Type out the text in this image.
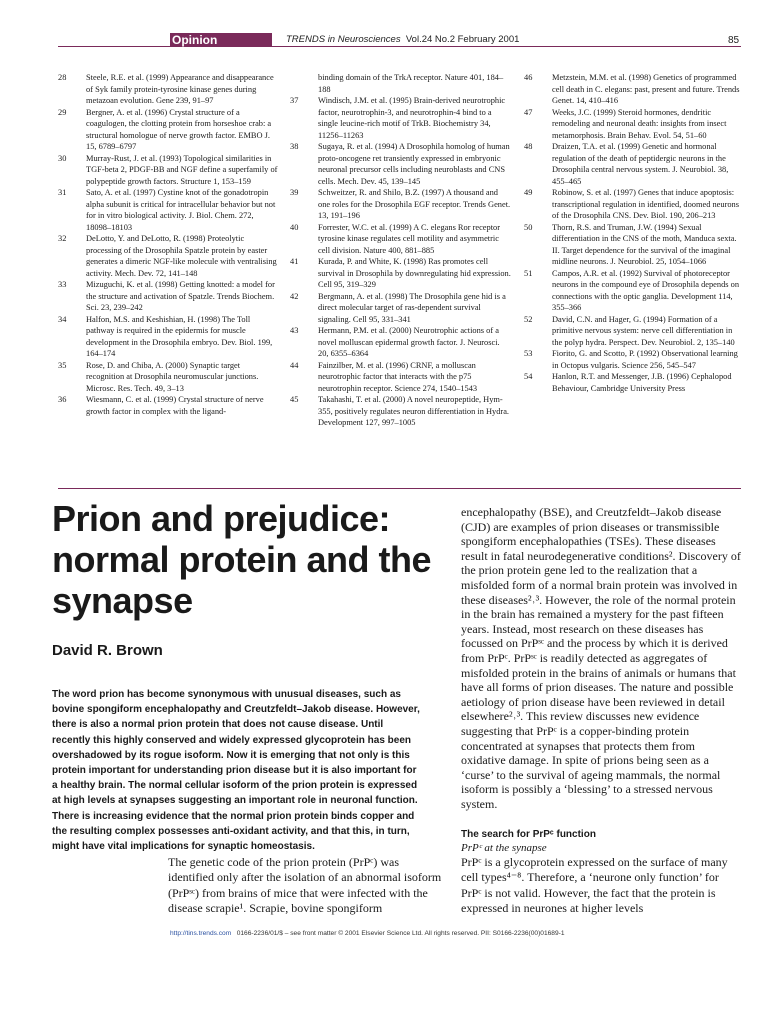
Opinion	TRENDS in Neurosciences Vol.24 No.2 February 2001	85
28	Steele, R.E. et al. (1999) Appearance and disappearance of Syk family protein-tyrosine kinase genes during metazoan evolution. Gene 239, 91–97
29	Bergner, A. et al. (1996) Crystal structure of a coagulogen, the clotting protein from horseshoe crab: a structural homologue of nerve growth factor. EMBO J. 15, 6789–6797
30	Murray-Rust, J. et al. (1993) Topological similarities in TGF-beta 2, PDGF-BB and NGF define a superfamily of polypeptide growth factors. Structure 1, 153–159
31	Sato, A. et al. (1997) Cystine knot of the gonadotropin alpha subunit is critical for intracellular behavior but not for in vitro biological activity. J. Biol. Chem. 272, 18098–18103
32	DeLotto, Y. and DeLotto, R. (1998) Proteolytic processing of the Drosophila Spatzle protein by easter generates a dimeric NGF-like molecule with ventralising activity. Mech. Dev. 72, 141–148
33	Mizuguchi, K. et al. (1998) Getting knotted: a model for the structure and activation of Spatzle. Trends Biochem. Sci. 23, 239–242
34	Halfon, M.S. and Keshishian, H. (1998) The Toll pathway is required in the epidermis for muscle development in the Drosophila embryo. Dev. Biol. 199, 164–174
35	Rose, D. and Chiba, A. (2000) Synaptic target recognition at Drosophila neuromuscular junctions. Microsc. Res. Tech. 49, 3–13
36	Wiesmann, C. et al. (1999) Crystal structure of nerve growth factor in complex with the ligand-
binding domain of the TrkA receptor. Nature 401, 184–188
37	Windisch, J.M. et al. (1995) Brain-derived neurotrophic factor, neurotrophin-3, and neurotrophin-4 bind to a single leucine-rich motif of TrkB. Biochemistry 34, 11256–11263
38	Sugaya, R. et al. (1994) A Drosophila homolog of human proto-oncogene ret transiently expressed in embryonic neuronal precursor cells including neuroblasts and CNS cells. Mech. Dev. 45, 139–145
39	Schweitzer, R. and Shilo, B.Z. (1997) A thousand and one roles for the Drosophila EGF receptor. Trends Genet. 13, 191–196
40	Forrester, W.C. et al. (1999) A C. elegans Ror receptor tyrosine kinase regulates cell motility and asymmetric cell division. Nature 400, 881–885
41	Kurada, P. and White, K. (1998) Ras promotes cell survival in Drosophila by downregulating hid expression. Cell 95, 319–329
42	Bergmann, A. et al. (1998) The Drosophila gene hid is a direct molecular target of ras-dependent survival signaling. Cell 95, 331–341
43	Hermann, P.M. et al. (2000) Neurotrophic actions of a novel molluscan epidermal growth factor. J. Neurosci. 20, 6355–6364
44	Fainzilber, M. et al. (1996) CRNF, a molluscan neurotrophic factor that interacts with the p75 neurotrophin receptor. Science 274, 1540–1543
45	Takahashi, T. et al. (2000) A novel neuropeptide, Hym-355, positively regulates neuron differentiation in Hydra. Development 127, 997–1005
46	Metzstein, M.M. et al. (1998) Genetics of programmed cell death in C. elegans: past, present and future. Trends Genet. 14, 410–416
47	Weeks, J.C. (1999) Steroid hormones, dendritic remodeling and neuronal death: insights from insect metamorphosis. Brain Behav. Evol. 54, 51–60
48	Draizen, T.A. et al. (1999) Genetic and hormonal regulation of the death of peptidergic neurons in the Drosophila central nervous system. J. Neurobiol. 38, 455–465
49	Robinow, S. et al. (1997) Genes that induce apoptosis: transcriptional regulation in identified, doomed neurons of the Drosophila CNS. Dev. Biol. 190, 206–213
50	Thorn, R.S. and Truman, J.W. (1994) Sexual differentiation in the CNS of the moth, Manduca sexta. II. Target dependence for the survival of the imaginal midline neurons. J. Neurobiol. 25, 1054–1066
51	Campos, A.R. et al. (1992) Survival of photoreceptor neurons in the compound eye of Drosophila depends on connections with the optic ganglia. Development 114, 355–366
52	David, C.N. and Hager, G. (1994) Formation of a primitive nervous system: nerve cell differentiation in the polyp hydra. Perspect. Dev. Neurobiol. 2, 135–140
53	Fiorito, G. and Scotto, P. (1992) Observational learning in Octopus vulgaris. Science 256, 545–547
54	Hanlon, R.T. and Messenger, J.B. (1996) Cephalopod Behaviour, Cambridge University Press
Prion and prejudice: normal protein and the synapse
David R. Brown
The word prion has become synonymous with unusual diseases, such as bovine spongiform encephalopathy and Creutzfeldt–Jakob disease. However, there is also a normal prion protein that does not cause disease. Until recently this highly conserved and widely expressed glycoprotein has been overshadowed by its rogue isoform. Now it is emerging that not only is this protein important for understanding prion disease but it is also important for a healthy brain. The normal cellular isoform of the prion protein is expressed at high levels at synapses suggesting an important role in neuronal function. There is increasing evidence that the normal prion protein binds copper and the resulting complex possesses anti-oxidant activity, and that this, in turn, might have vital implications for synaptic homeostasis.
The genetic code of the prion protein (PrPᶜ) was identified only after the isolation of an abnormal isoform (PrPˢᶜ) from brains of mice that were infected with the disease scrapie¹. Scrapie, bovine spongiform
encephalopathy (BSE), and Creutzfeldt–Jakob disease (CJD) are examples of prion diseases or transmissible spongiform encephalopathies (TSEs). These diseases result in fatal neurodegenerative conditions². Discovery of the prion protein gene led to the realization that a misfolded form of a normal brain protein was involved in these diseases²˒³. However, the role of the normal protein in the brain has remained a mystery for the past fifteen years. Instead, most research on these diseases has focussed on PrPˢᶜ and the process by which it is derived from PrPᶜ. PrPˢᶜ is readily detected as aggregates of misfolded protein in the brains of animals or humans that have all forms of prion diseases. The nature and possible aetiology of prion disease have been reviewed in detail elsewhere²˒³. This review discusses new evidence suggesting that PrPᶜ is a copper-binding protein concentrated at synapses that protects them from oxidative damage. In spite of prions being seen as a ‘curse’ to the survival of ageing mammals, the normal isoform is possibly a ‘blessing’ to a stressed nervous system.
The search for PrPᶜ function
PrPᶜ at the synapse
PrPᶜ is a glycoprotein expressed on the surface of many cell types⁴⁻⁸. Therefore, a ‘neurone only function’ for PrPᶜ is not valid. However, the fact that the protein is expressed in neurones at higher levels
http://tins.trends.com 0166-2236/01/$ – see front matter © 2001 Elsevier Science Ltd. All rights reserved. PII: S0166-2236(00)01689-1
